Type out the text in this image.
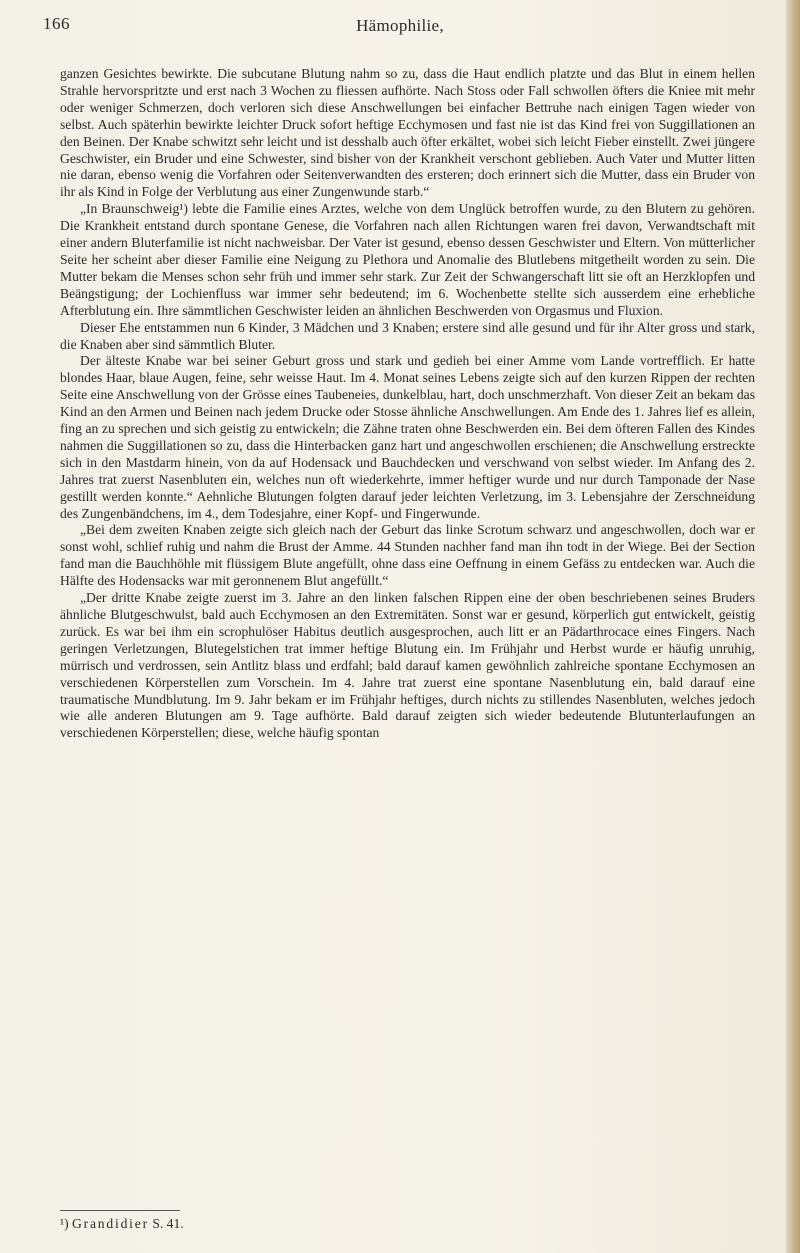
166	Hämophilie,

ganzen Gesichtes bewirkte. Die subcutane Blutung nahm so zu, dass die Haut endlich platzte und das Blut in einem hellen Strahle hervorspritzte und erst nach 3 Wochen zu fliessen aufhörte. Nach Stoss oder Fall schwollen öfters die Kniee mit mehr oder weniger Schmerzen, doch verloren sich diese Anschwellungen bei einfacher Bettruhe nach einigen Tagen wieder von selbst. Auch späterhin bewirkte leichter Druck sofort heftige Ecchymosen und fast nie ist das Kind frei von Suggillationen an den Beinen. Der Knabe schwitzt sehr leicht und ist desshalb auch öfter erkältet, wobei sich leicht Fieber einstellt. Zwei jüngere Geschwister, ein Bruder und eine Schwester, sind bisher von der Krankheit verschont geblieben. Auch Vater und Mutter litten nie daran, ebenso wenig die Vorfahren oder Seitenverwandten des ersteren; doch erinnert sich die Mutter, dass ein Bruder von ihr als Kind in Folge der Verblutung aus einer Zungenwunde starb.“

„In Braunschweig¹) lebte die Familie eines Arztes, welche von dem Unglück betroffen wurde, zu den Blutern zu gehören. Die Krankheit entstand durch spontane Genese, die Vorfahren nach allen Richtungen waren frei davon, Verwandtschaft mit einer andern Bluterfamilie ist nicht nachweisbar. Der Vater ist gesund, ebenso dessen Geschwister und Eltern. Von mütterlicher Seite her scheint aber dieser Familie eine Neigung zu Plethora und Anomalie des Blutlebens mitgetheilt worden zu sein. Die Mutter bekam die Menses schon sehr früh und immer sehr stark. Zur Zeit der Schwangerschaft litt sie oft an Herzklopfen und Beängstigung; der Lochienfluss war immer sehr bedeutend; im 6. Wochenbette stellte sich ausserdem eine erhebliche Afterblutung ein. Ihre sämmtlichen Geschwister leiden an ähnlichen Beschwerden von Orgasmus und Fluxion.

Dieser Ehe entstammen nun 6 Kinder, 3 Mädchen und 3 Knaben; erstere sind alle gesund und für ihr Alter gross und stark, die Knaben aber sind sämmtlich Bluter.

Der älteste Knabe war bei seiner Geburt gross und stark und gedieh bei einer Amme vom Lande vortrefflich. Er hatte blondes Haar, blaue Augen, feine, sehr weisse Haut. Im 4. Monat seines Lebens zeigte sich auf den kurzen Rippen der rechten Seite eine Anschwellung von der Grösse eines Taubeneies, dunkelblau, hart, doch unschmerzhaft. Von dieser Zeit an bekam das Kind an den Armen und Beinen nach jedem Drucke oder Stosse ähnliche Anschwellungen. Am Ende des 1. Jahres lief es allein, fing an zu sprechen und sich geistig zu entwickeln; die Zähne traten ohne Beschwerden ein. Bei dem öfteren Fallen des Kindes nahmen die Suggillationen so zu, dass die Hinterbacken ganz hart und angeschwollen erschienen; die Anschwellung erstreckte sich in den Mastdarm hinein, von da auf Hodensack und Bauchdecken und verschwand von selbst wieder. Im Anfang des 2. Jahres trat zuerst Nasenbluten ein, welches nun oft wiederkehrte, immer heftiger wurde und nur durch Tamponade der Nase gestillt werden konnte.“ Aehnliche Blutungen folgten darauf jeder leichten Verletzung, im 3. Lebensjahre der Zerschneidung des Zungenbändchens, im 4., dem Todesjahre, einer Kopf- und Fingerwunde.

„Bei dem zweiten Knaben zeigte sich gleich nach der Geburt das linke Scrotum schwarz und angeschwollen, doch war er sonst wohl, schlief ruhig und nahm die Brust der Amme. 44 Stunden nachher fand man ihn todt in der Wiege. Bei der Section fand man die Bauchhöhle mit flüssigem Blute angefüllt, ohne dass eine Oeffnung in einem Gefäss zu entdecken war. Auch die Hälfte des Hodensacks war mit geronnenem Blut angefüllt.“

„Der dritte Knabe zeigte zuerst im 3. Jahre an den linken falschen Rippen eine der oben beschriebenen seines Bruders ähnliche Blutgeschwulst, bald auch Ecchymosen an den Extremitäten. Sonst war er gesund, körperlich gut entwickelt, geistig zurück. Es war bei ihm ein scrophulöser Habitus deutlich ausgesprochen, auch litt er an Pädarthrocace eines Fingers. Nach geringen Verletzungen, Blutegelstichen trat immer heftige Blutung ein. Im Frühjahr und Herbst wurde er häufig unruhig, mürrisch und verdrossen, sein Antlitz blass und erdfahl; bald darauf kamen gewöhnlich zahlreiche spontane Ecchymosen an verschiedenen Körperstellen zum Vorschein. Im 4. Jahre trat zuerst eine spontane Nasenblutung ein, bald darauf eine traumatische Mundblutung. Im 9. Jahr bekam er im Frühjahr heftiges, durch nichts zu stillendes Nasenbluten, welches jedoch wie alle anderen Blutungen am 9. Tage aufhörte. Bald darauf zeigten sich wieder bedeutende Blutunterlaufungen an verschiedenen Körperstellen; diese, welche häufig spontan

¹) Grandidier S. 41.
